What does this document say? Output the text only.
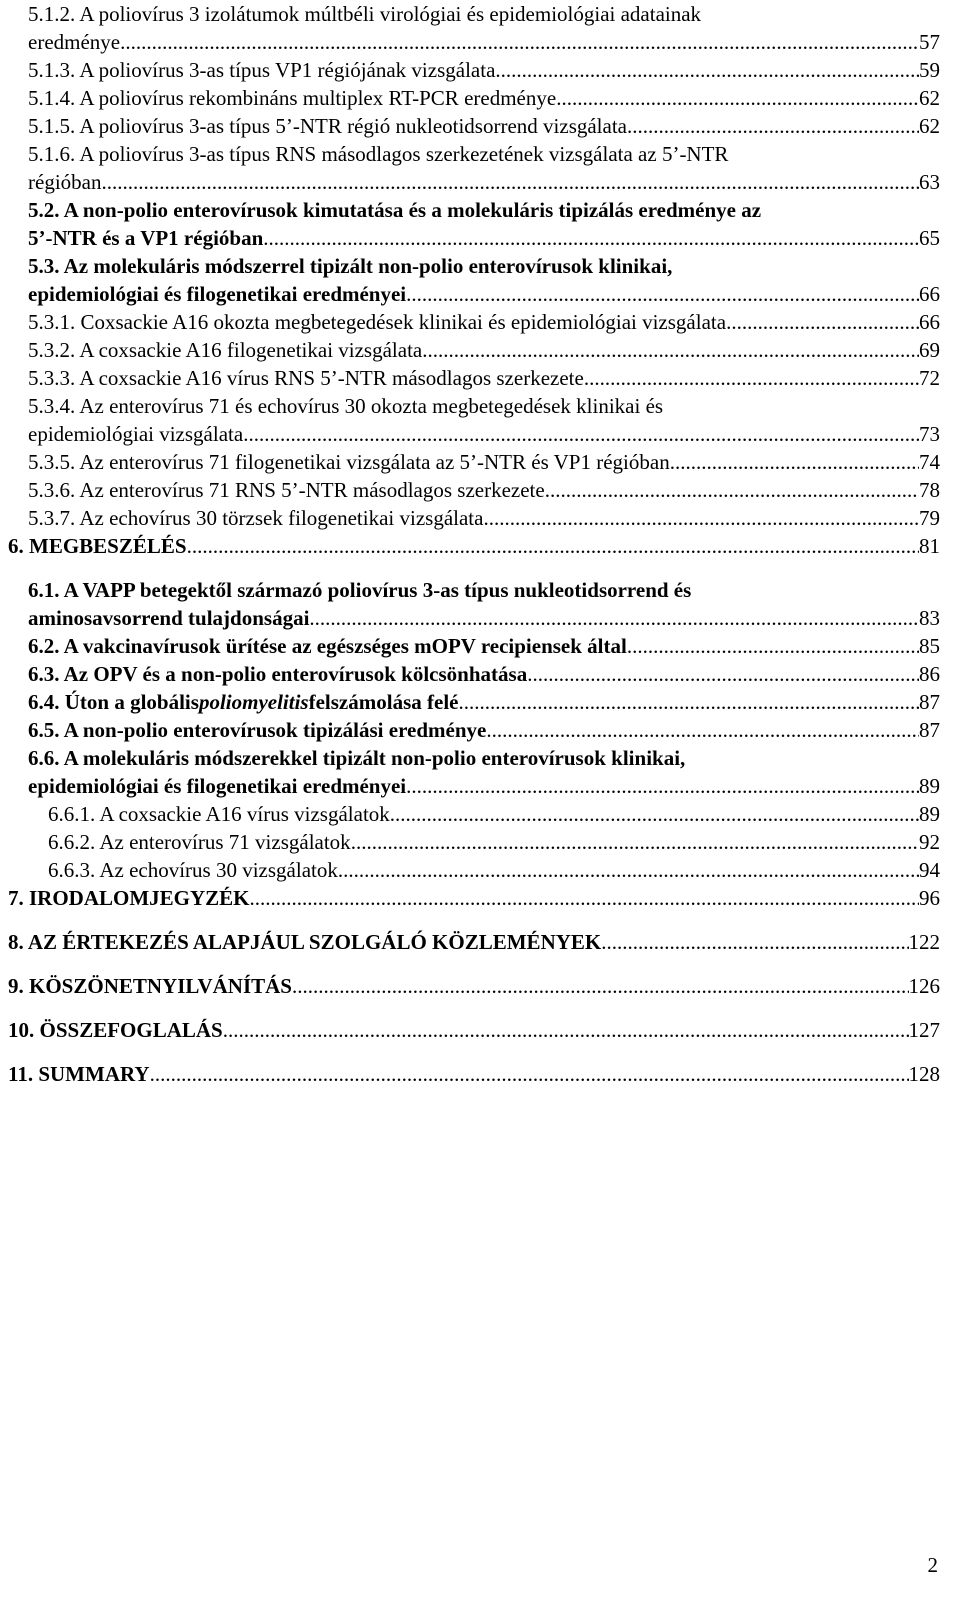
5.1.2. A poliovírus 3 izolátumok múltbéli virológiai és epidemiológiai adatainak
eredménye .....	57
5.1.3. A poliovírus 3-as típus VP1 régiójának vizsgálata .....	59
5.1.4. A poliovírus rekombináns multiplex RT-PCR eredménye .....	62
5.1.5. A poliovírus 3-as típus 5’-NTR régió nukleotidsorrend vizsgálata .....	62
5.1.6. A poliovírus 3-as típus RNS másodlagos szerkezetének vizsgálata az 5’-NTR
régióban .....	63
5.2. A non-polio enterovírusok kimutatása és a molekuláris tipizálás eredménye az
5’-NTR és a VP1 régióban .....	65
5.3. Az molekuláris módszerrel tipizált non-polio enterovírusok klinikai,
epidemiológiai és filogenetikai eredményei .....	66
5.3.1. Coxsackie A16 okozta megbetegedések klinikai és epidemiológiai vizsgálata .....	66
5.3.2. A coxsackie A16 filogenetikai vizsgálata .....	69
5.3.3. A coxsackie A16 vírus RNS 5’-NTR másodlagos szerkezete .....	72
5.3.4. Az enterovírus 71 és echovírus 30 okozta megbetegedések klinikai és
epidemiológiai vizsgálata .....	73
5.3.5. Az enterovírus 71 filogenetikai vizsgálata az 5’-NTR és VP1 régióban .....	74
5.3.6. Az enterovírus 71 RNS 5’-NTR másodlagos szerkezete .....	78
5.3.7. Az echovírus 30 törzsek filogenetikai vizsgálata .....	79
6. MEGBESZÉLÉS .....	81
6.1. A VAPP betegektől származó poliovírus 3-as típus nukleotidsorrend és
aminosavsorrend tulajdonságai .....	83
6.2. A vakcinavírusok ürítése az egészséges mOPV recipiensek által .....	85
6.3. Az OPV és a non-polio enterovírusok kölcsönhatása .....	86
6.4. Úton a globális poliomyelitis felszámolása felé .....	87
6.5. A non-polio enterovírusok tipizálási eredménye .....	87
6.6. A molekuláris módszerekkel tipizált non-polio enterovírusok klinikai,
epidemiológiai és filogenetikai eredményei .....	89
6.6.1. A coxsackie A16 vírus vizsgálatok .....	89
6.6.2. Az enterovírus 71 vizsgálatok .....	92
6.6.3. Az echovírus 30 vizsgálatok .....	94
7. IRODALOMJEGYZÉK .....	96
8. AZ ÉRTEKEZÉS ALAPJÁUL SZOLGÁLÓ KÖZLEMÉNYEK .....	122
9. KÖSZÖNETNYILVÁNÍTÁS .....	126
10. ÖSSZEFOGLALÁS .....	127
11. SUMMARY .....	128
2
